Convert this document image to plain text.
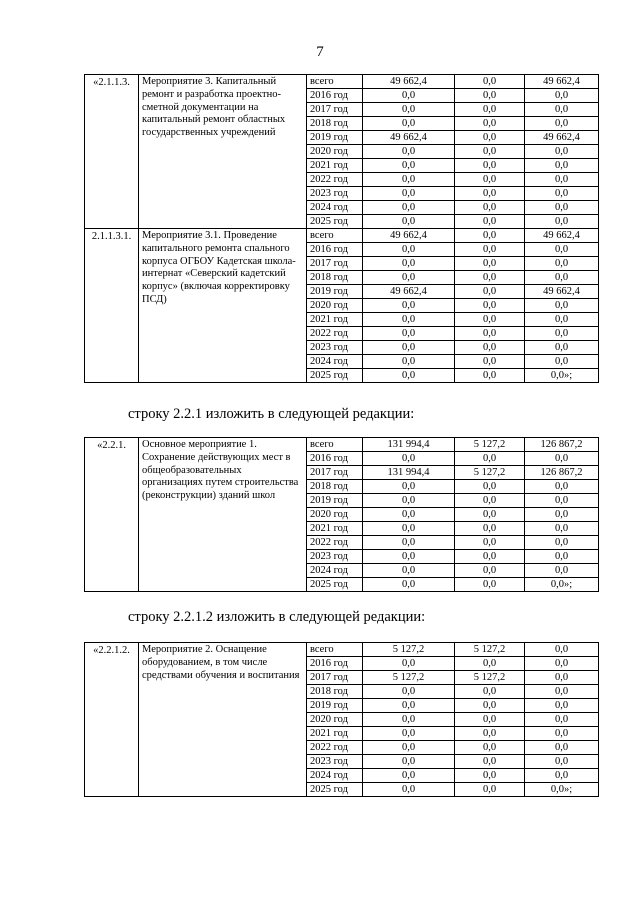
7
«2.1.1.3.	Мероприятие 3. Капитальный ремонт и разработка проектно-сметной документации на капитальный ремонт областных государственных учреждений	всего	49 662,4	0,0	49 662,4
		2016 год	0,0	0,0	0,0
		2017 год	0,0	0,0	0,0
		2018 год	0,0	0,0	0,0
		2019 год	49 662,4	0,0	49 662,4
		2020 год	0,0	0,0	0,0
		2021 год	0,0	0,0	0,0
		2022 год	0,0	0,0	0,0
		2023 год	0,0	0,0	0,0
		2024 год	0,0	0,0	0,0
		2025 год	0,0	0,0	0,0
2.1.1.3.1.	Мероприятие 3.1. Проведение капитального ремонта спального корпуса ОГБОУ Кадетская школа-интернат «Северский кадетский корпус» (включая корректировку ПСД)	всего	49 662,4	0,0	49 662,4
		2016 год	0,0	0,0	0,0
		2017 год	0,0	0,0	0,0
		2018 год	0,0	0,0	0,0
		2019 год	49 662,4	0,0	49 662,4
		2020 год	0,0	0,0	0,0
		2021 год	0,0	0,0	0,0
		2022 год	0,0	0,0	0,0
		2023 год	0,0	0,0	0,0
		2024 год	0,0	0,0	0,0
		2025 год	0,0	0,0	0,0»;
строку 2.2.1 изложить в следующей редакции:
«2.2.1.	Основное мероприятие 1. Сохранение действующих мест в общеобразовательных организациях путем строительства (реконструкции) зданий школ	всего	131 994,4	5 127,2	126 867,2
		2016 год	0,0	0,0	0,0
		2017 год	131 994,4	5 127,2	126 867,2
		2018 год	0,0	0,0	0,0
		2019 год	0,0	0,0	0,0
		2020 год	0,0	0,0	0,0
		2021 год	0,0	0,0	0,0
		2022 год	0,0	0,0	0,0
		2023 год	0,0	0,0	0,0
		2024 год	0,0	0,0	0,0
		2025 год	0,0	0,0	0,0»;
строку 2.2.1.2 изложить в следующей редакции:
«2.2.1.2.	Мероприятие 2. Оснащение оборудованием, в том числе средствами обучения и воспитания	всего	5 127,2	5 127,2	0,0
		2016 год	0,0	0,0	0,0
		2017 год	5 127,2	5 127,2	0,0
		2018 год	0,0	0,0	0,0
		2019 год	0,0	0,0	0,0
		2020 год	0,0	0,0	0,0
		2021 год	0,0	0,0	0,0
		2022 год	0,0	0,0	0,0
		2023 год	0,0	0,0	0,0
		2024 год	0,0	0,0	0,0
		2025 год	0,0	0,0	0,0»;
